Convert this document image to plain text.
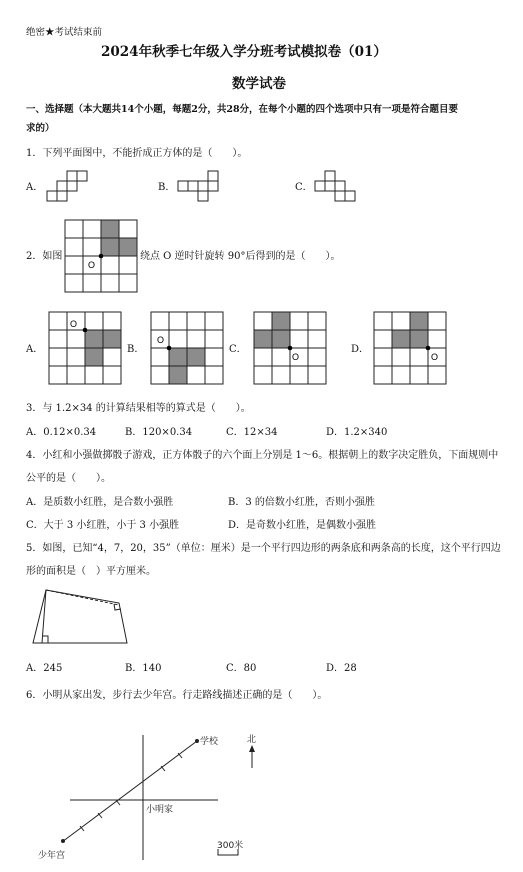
绝密★考试结束前
2024年秋季七年级入学分班考试模拟卷（01）
数学试卷
一、选择题（本大题共14个小题，每题2分，共28分，在每个小题的四个选项中只有一项是符合题目要
求的）
1．下列平面图中，不能折成正方体的是（　　）。
A．	B．	C．
2．如图	绕点 O 逆时针旋转 90°后得到的是（　　）。
O
O
O
O	O
A．	B．	C．	D．
3．与 1.2×34 的计算结果相等的算式是（　　）。
A．0.12×0.34	B．120×0.34	C．12×34	D．1.2×340
4．小红和小强做掷骰子游戏，正方体骰子的六个面上分别是 1～6。根据朝上的数字决定胜负，下面规则中
公平的是（　　）。
A．是质数小红胜，是合数小强胜	B．3 的倍数小红胜，否则小强胜
C．大于 3 小红胜，小于 3 小强胜	D．是奇数小红胜，是偶数小强胜
5．如图，已知“4，7，20，35”（单位：厘米）是一个平行四边形的两条底和两条高的长度，这个平行四边
形的面积是（　）平方厘米。
A．245	B．140	C．80	D．28
6．小明从家出发，步行去少年宫。行走路线描述正确的是（　　）。
学校	北
小明家
少年宫
300米
